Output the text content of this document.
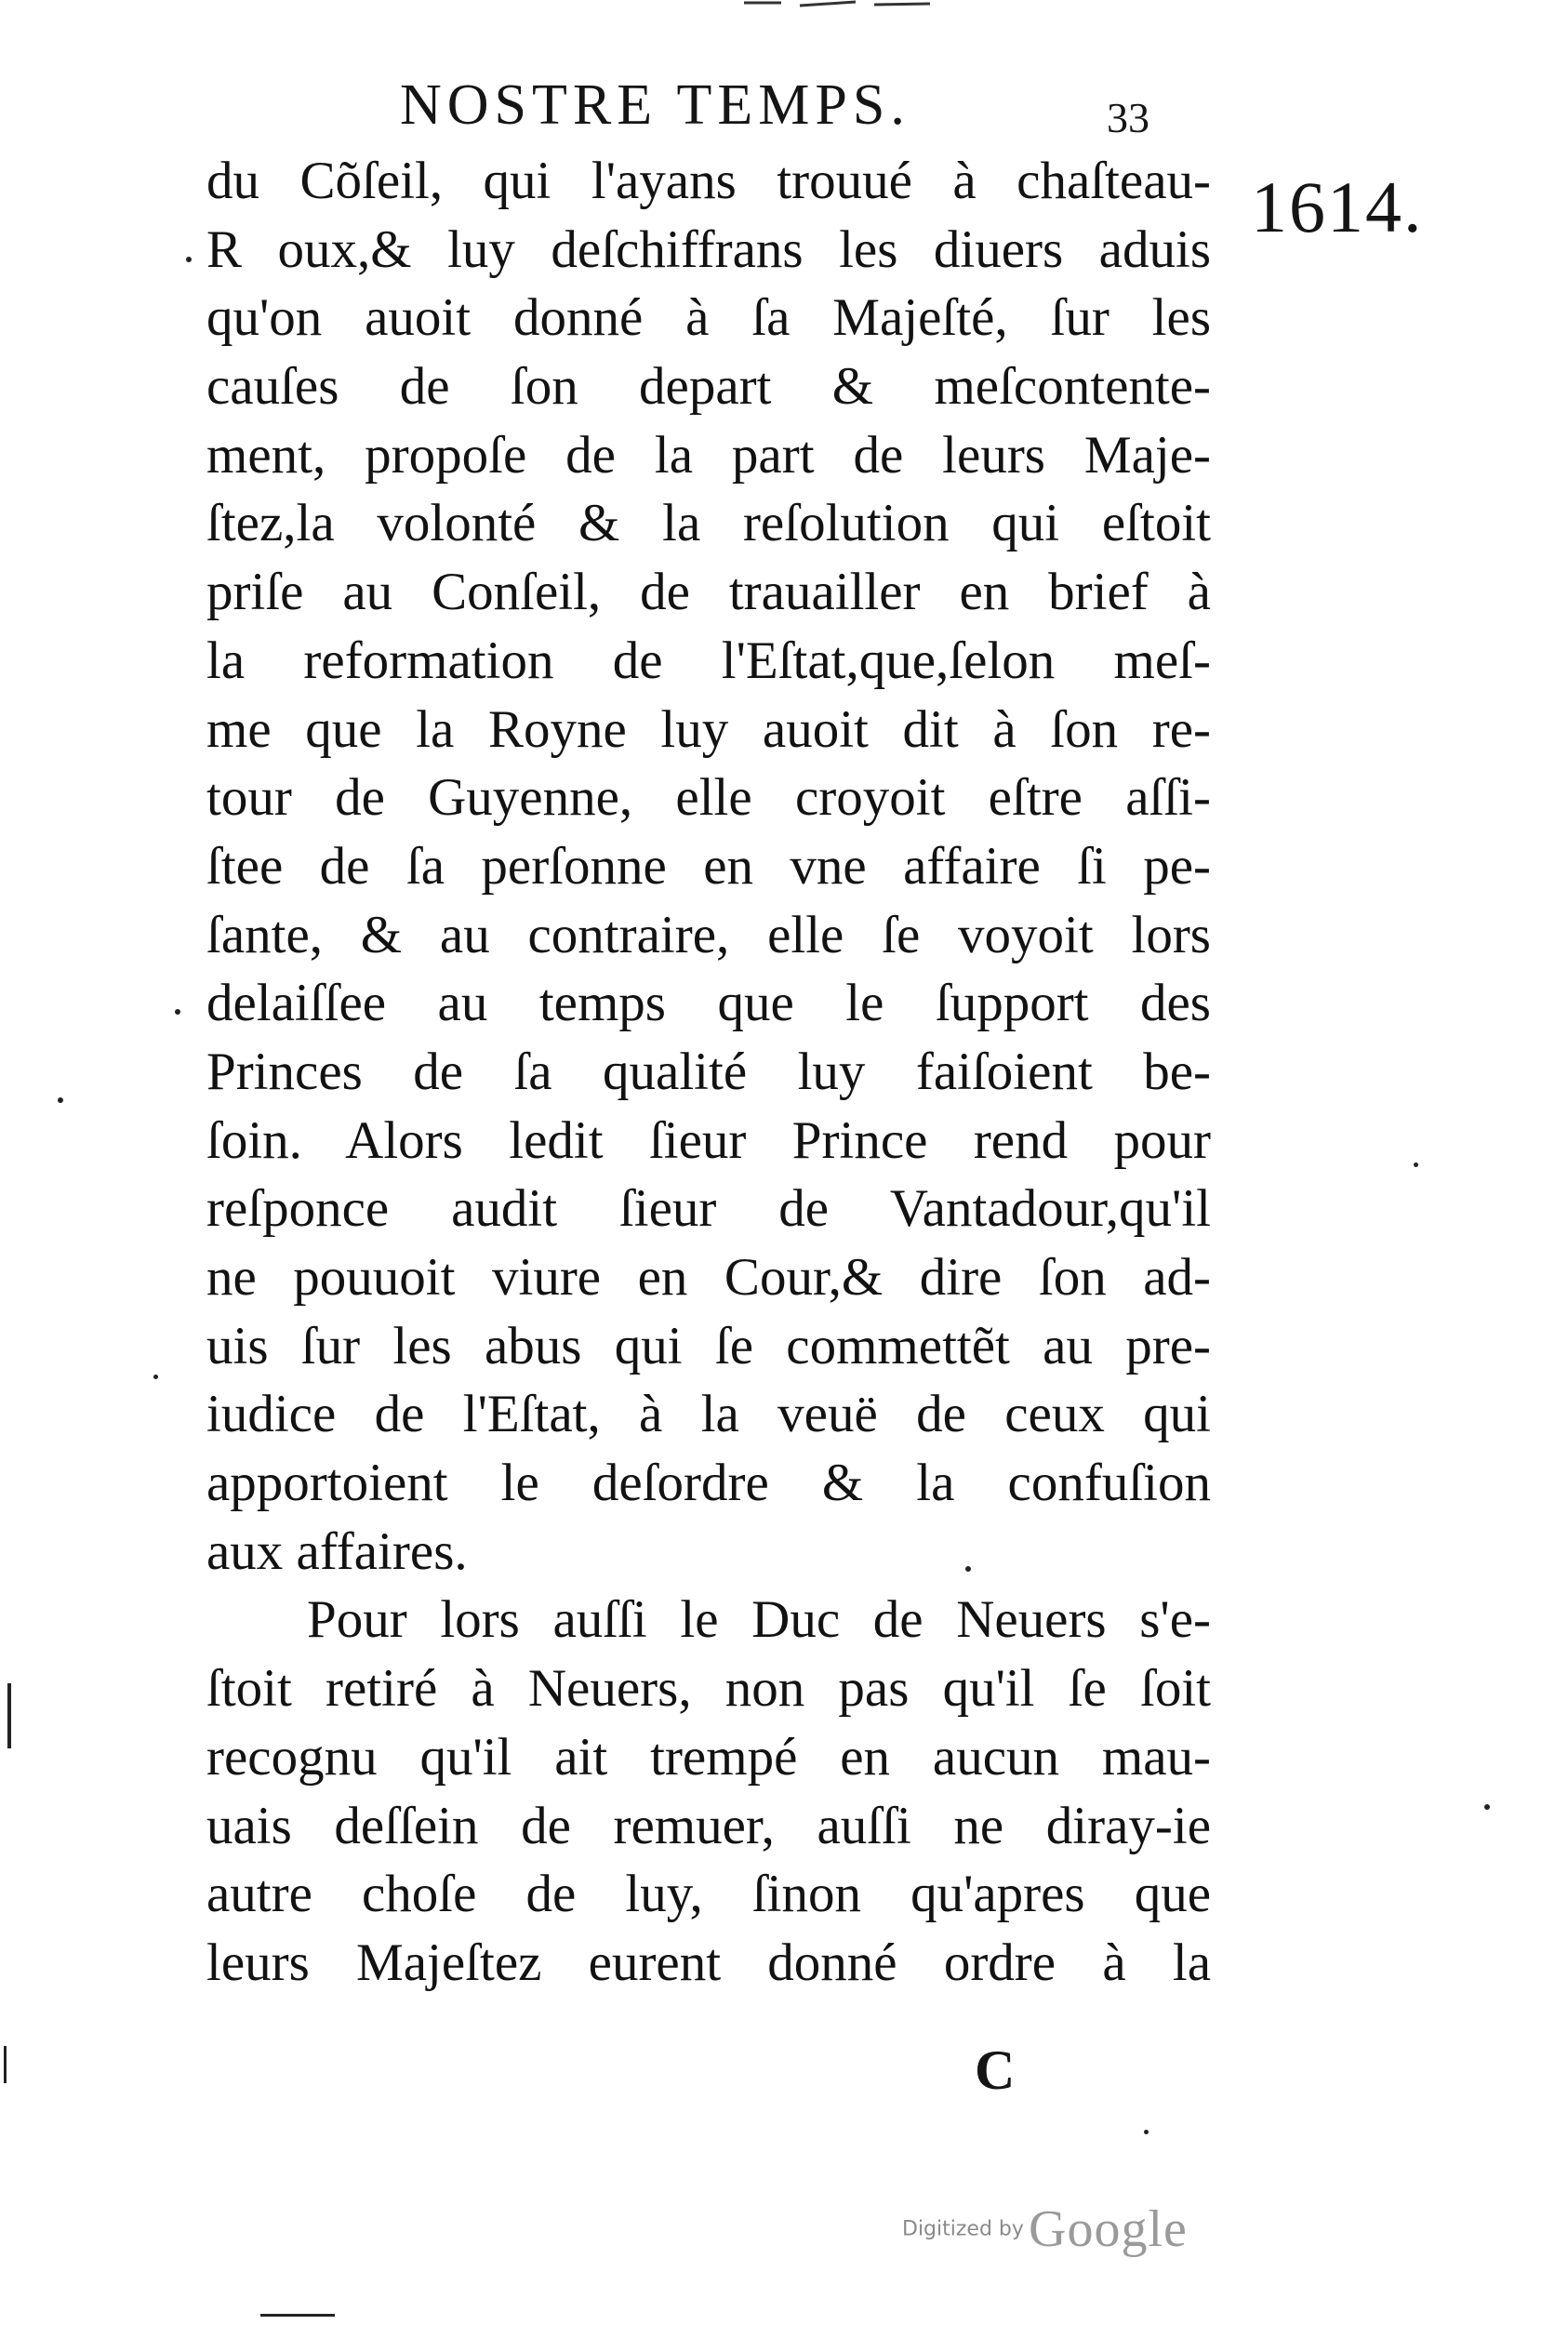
NOSTRE TEMPS.	33
1614.
du Cõſeil, qui l'ayans trouué à chaſteau-
R oux,& luy deſchiffrans les diuers aduis
qu'on auoit donné à ſa Majeſté, ſur les
cauſes de ſon depart & meſcontente-
ment, propoſe de la part de leurs Maje-
ſtez,la volonté & la reſolution qui eſtoit
priſe au Conſeil, de trauailler en brief à
la reformation de l'Eſtat,que,ſelon meſ-
me que la Royne luy auoit dit à ſon re-
tour de Guyenne, elle croyoit eſtre aſſi-
ſtee de ſa perſonne en vne affaire ſi pe-
ſante, & au contraire, elle ſe voyoit lors
delaiſſee au temps que le ſupport des
Princes de ſa qualité luy faiſoient be-
ſoin. Alors ledit ſieur Prince rend pour
reſponce audit ſieur de Vantadour,qu'il
ne pouuoit viure en Cour,& dire ſon ad-
uis ſur les abus qui ſe commettẽt au pre-
iudice de l'Eſtat, à la veuë de ceux qui
apportoient le deſordre & la confuſion
aux affaires.
Pour lors auſſi le Duc de Neuers s'e-
ſtoit retiré à Neuers, non pas qu'il ſe ſoit
recognu qu'il ait trempé en aucun mau-
uais deſſein de remuer, auſſi ne diray-ie
autre choſe de luy, ſinon qu'apres que
leurs Majeſtez eurent donné ordre à la
C
Digitized by Google
